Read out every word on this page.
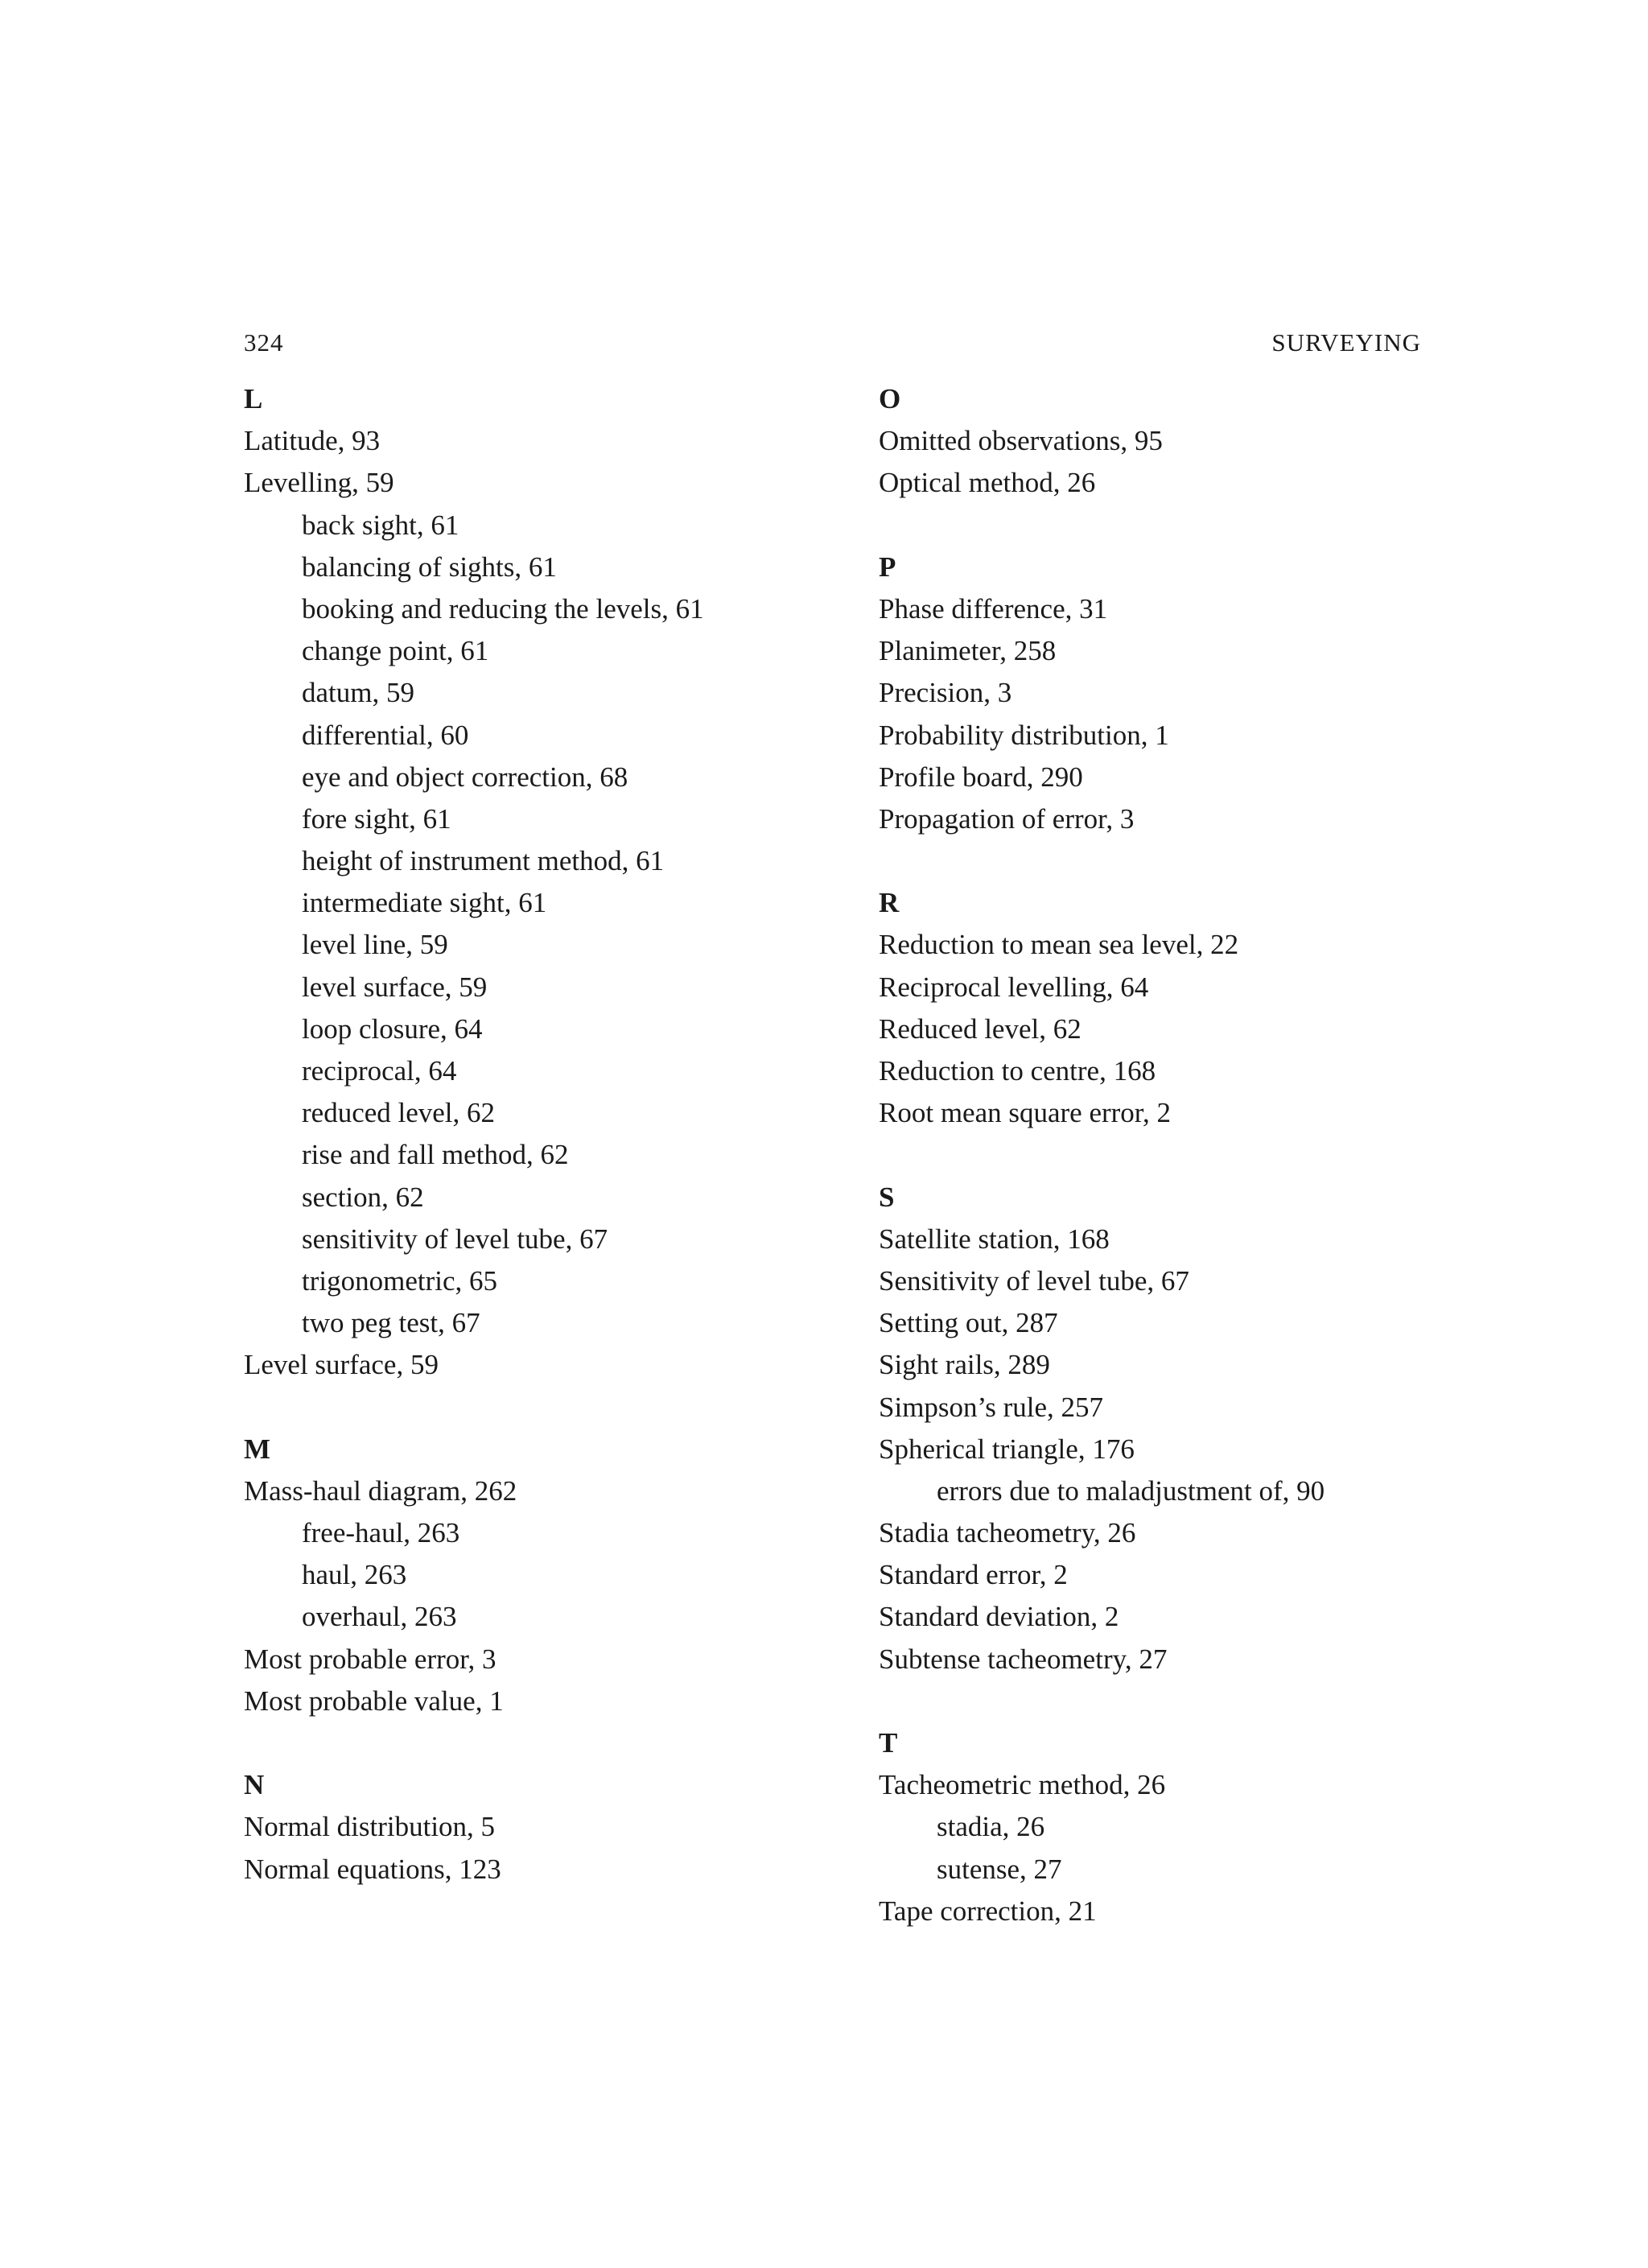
324	SURVEYING
L
Latitude, 93
Levelling, 59
back sight, 61
balancing of sights, 61
booking and reducing the levels, 61
change point, 61
datum, 59
differential, 60
eye and object correction, 68
fore sight, 61
height of instrument method, 61
intermediate sight, 61
level line, 59
level surface, 59
loop closure, 64
reciprocal, 64
reduced level, 62
rise and fall method, 62
section, 62
sensitivity of level tube, 67
trigonometric, 65
two peg test, 67
Level surface, 59
M
Mass-haul diagram, 262
free-haul, 263
haul, 263
overhaul, 263
Most probable error, 3
Most probable value, 1
N
Normal distribution, 5
Normal equations, 123
O
Omitted observations, 95
Optical method, 26
P
Phase difference, 31
Planimeter, 258
Precision, 3
Probability distribution, 1
Profile board, 290
Propagation of error, 3
R
Reduction to mean sea level, 22
Reciprocal levelling, 64
Reduced level, 62
Reduction to centre, 168
Root mean square error, 2
S
Satellite station, 168
Sensitivity of level tube, 67
Setting out, 287
Sight rails, 289
Simpson’s rule, 257
Spherical triangle, 176
errors due to maladjustment of, 90
Stadia tacheometry, 26
Standard error, 2
Standard deviation, 2
Subtense tacheometry, 27
T
Tacheometric method, 26
stadia, 26
sutense, 27
Tape correction, 21
